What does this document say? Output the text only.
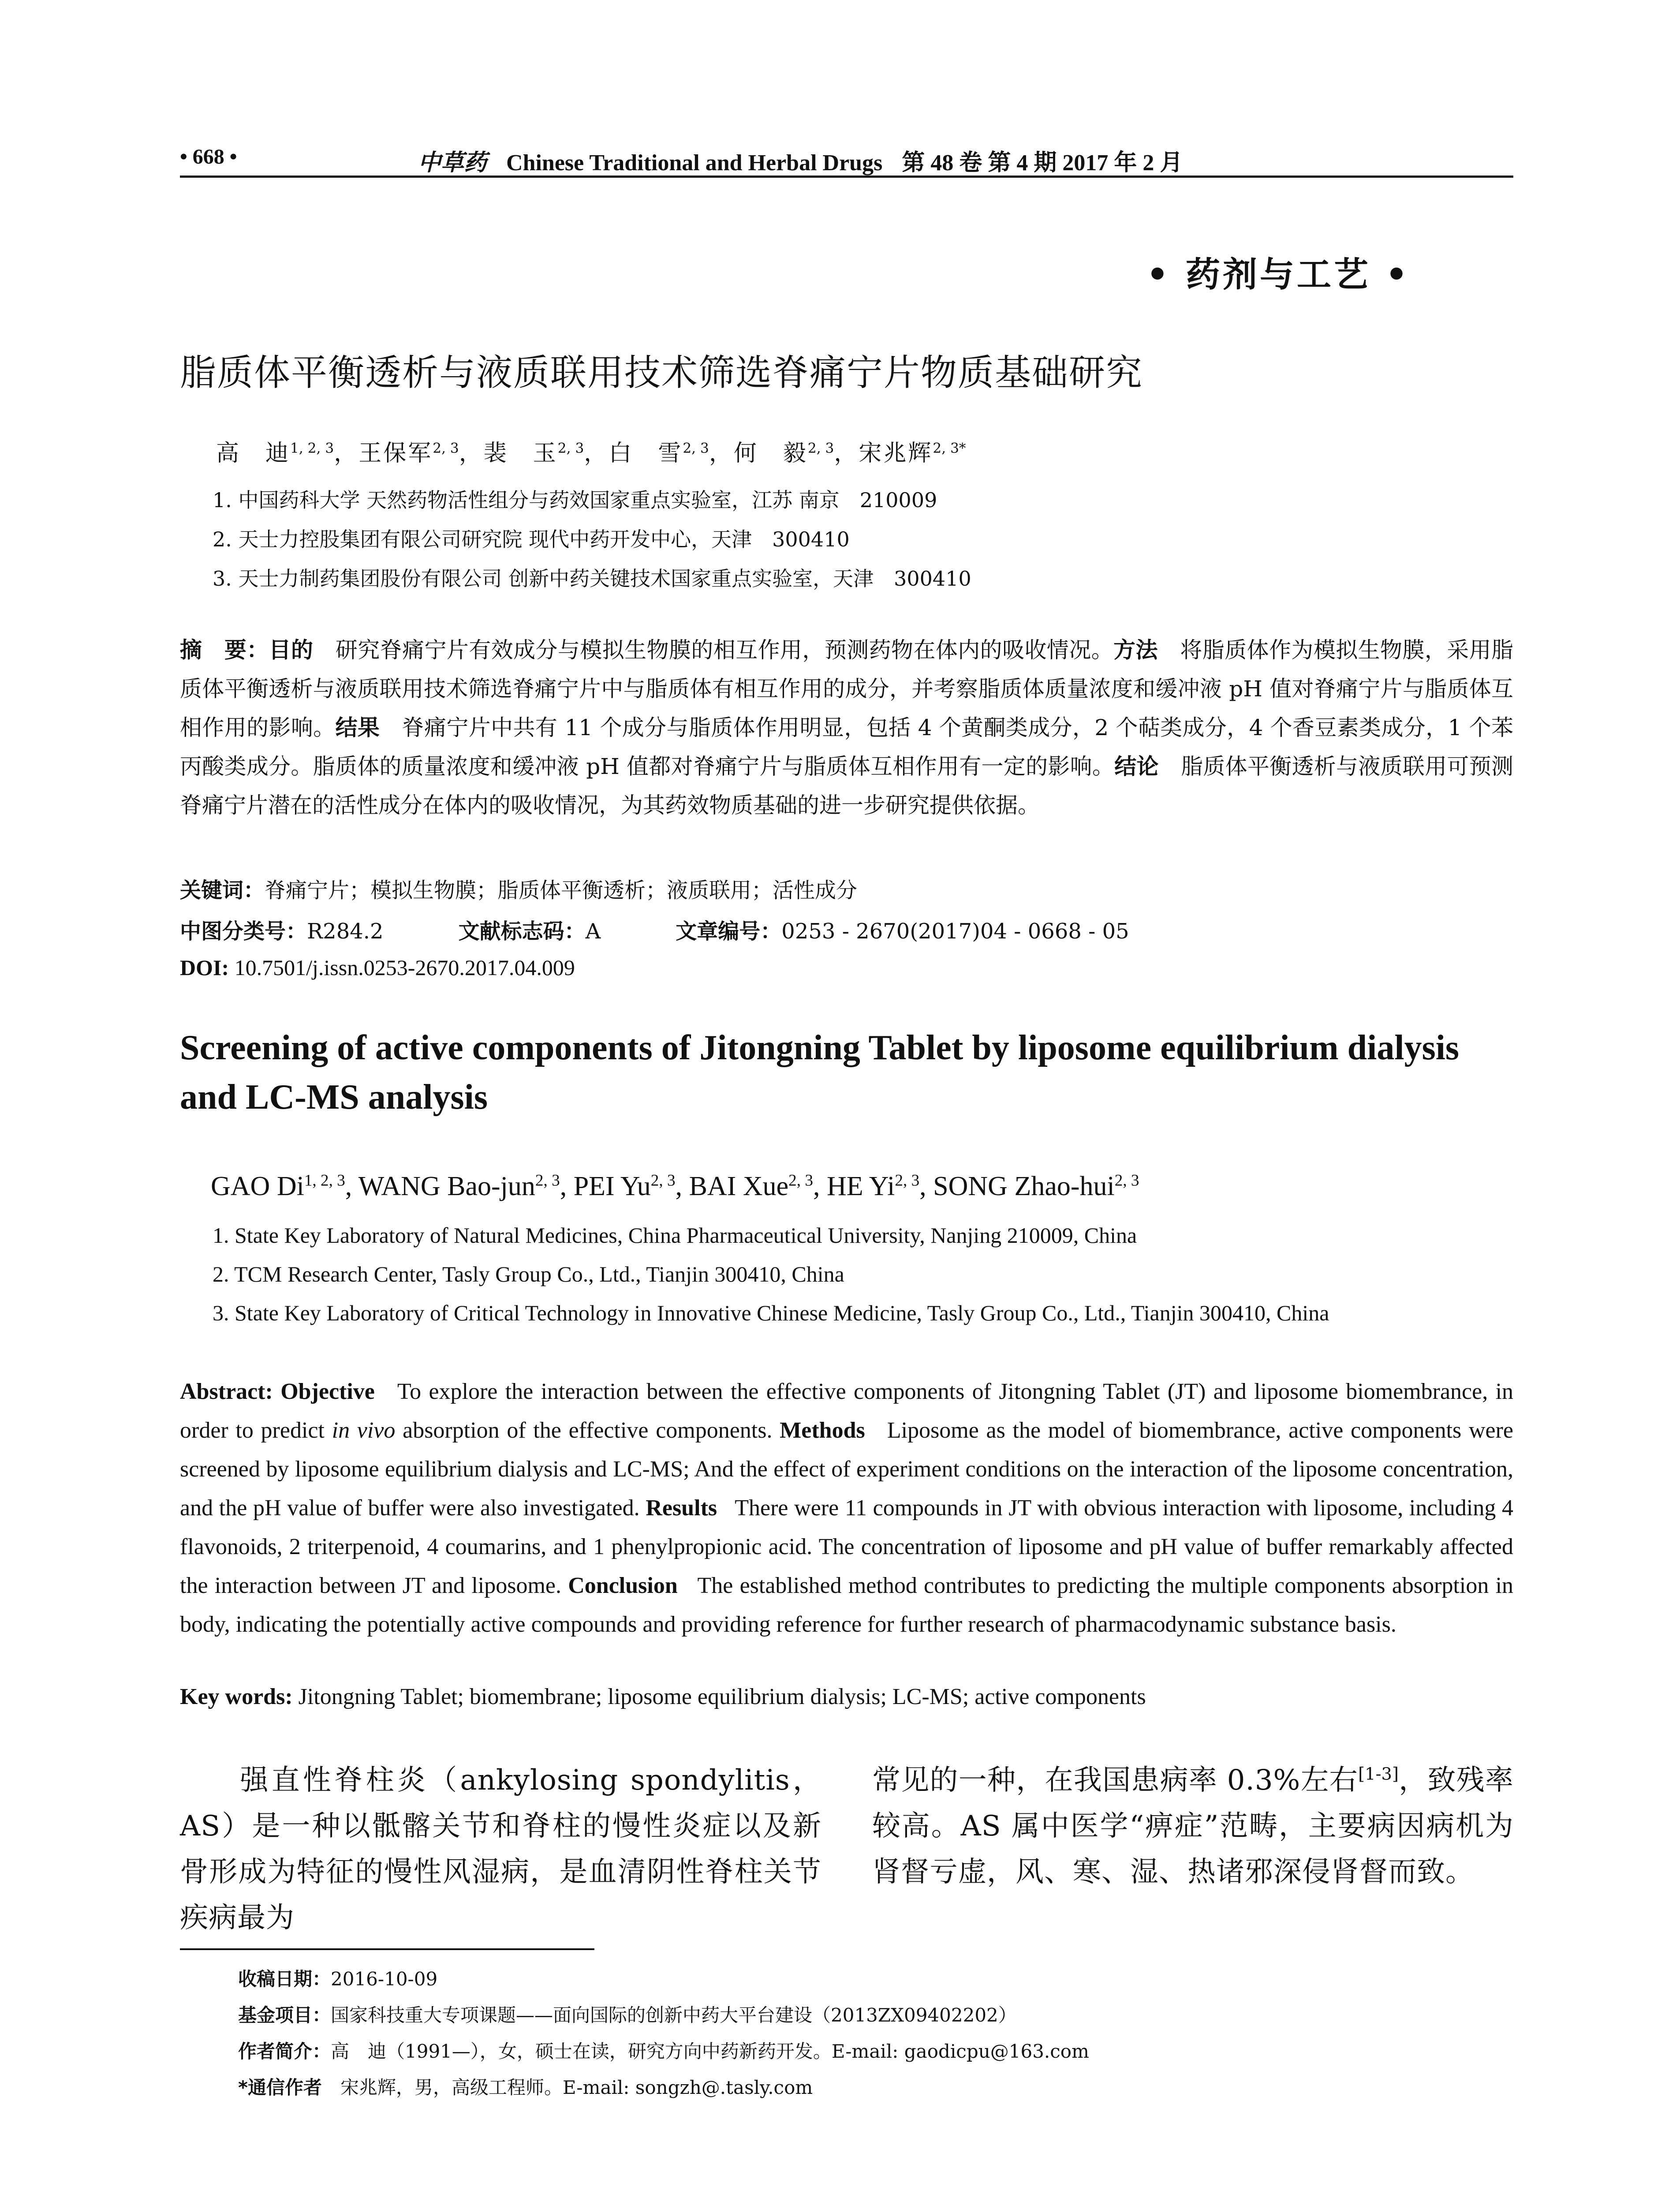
• 668 •	中草药 Chinese Traditional and Herbal Drugs 第 48 卷 第 4 期 2017 年 2 月
• 药剂与工艺 •
脂质体平衡透析与液质联用技术筛选脊痛宁片物质基础研究
高　迪$^{1, 2, 3}$，王保军$^{2, 3}$，裴　玉$^{2, 3}$，白　雪$^{2, 3}$，何　毅$^{2, 3}$，宋兆辉$^{2, 3*}$
1. 中国药科大学 天然药物活性组分与药效国家重点实验室，江苏 南京　210009
2. 天士力控股集团有限公司研究院 现代中药开发中心，天津　300410
3. 天士力制药集团股份有限公司 创新中药关键技术国家重点实验室，天津　300410
摘　要：目的　 研究脊痛宁片有效成分与模拟生物膜的相互作用，预测药物在体内的吸收情况。方法　 将脂质体作为模拟生物膜，采用脂质体平衡透析与液质联用技术筛选脊痛宁片中与脂质体有相互作用的成分，并考察脂质体质量浓度和缓冲液 pH 值对脊痛宁片与脂质体互相作用的影响。结果　 脊痛宁片中共有 11 个成分与脂质体作用明显，包括 4 个黄酮类成分，2 个萜类成分，4 个香豆素类成分，1 个苯丙酸类成分。脂质体的质量浓度和缓冲液 pH 值都对脊痛宁片与脂质体互相作用有一定的影响。结论　 脂质体平衡透析与液质联用可预测脊痛宁片潜在的活性成分在体内的吸收情况，为其药效物质基础的进一步研究提供依据。
关键词：脊痛宁片；模拟生物膜；脂质体平衡透析；液质联用；活性成分
中图分类号：R284.2	文献标志码：A	文章编号：0253 - 2670(2017)04 - 0668 - 05
DOI: 10.7501/j.issn.0253-2670.2017.04.009
Screening of active components of Jitongning Tablet by liposome equilibrium dialysis and LC-MS analysis
GAO Di$^{1, 2, 3}$, WANG Bao-jun$^{2, 3}$, PEI Yu$^{2, 3}$, BAI Xue$^{2, 3}$, HE Yi$^{2, 3}$, SONG Zhao-hui$^{2, 3}$
1. State Key Laboratory of Natural Medicines, China Pharmaceutical University, Nanjing 210009, China
2. TCM Research Center, Tasly Group Co., Ltd., Tianjin 300410, China
3. State Key Laboratory of Critical Technology in Innovative Chinese Medicine, Tasly Group Co., Ltd., Tianjin 300410, China
Abstract: Objective To explore the interaction between the effective components of Jitongning Tablet (JT) and liposome biomembrance, in order to predict in vivo absorption of the effective components. Methods Liposome as the model of biomembrance, active components were screened by liposome equilibrium dialysis and LC-MS; And the effect of experiment conditions on the interaction of the liposome concentration, and the pH value of buffer were also investigated. Results There were 11 compounds in JT with obvious interaction with liposome, including 4 flavonoids, 2 triterpenoid, 4 coumarins, and 1 phenylpropionic acid. The concentration of liposome and pH value of buffer remarkably affected the interaction between JT and liposome. Conclusion The established method contributes to predicting the multiple components absorption in body, indicating the potentially active compounds and providing reference for further research of pharmacodynamic substance basis.
Key words: Jitongning Tablet; biomembrane; liposome equilibrium dialysis; LC-MS; active components
强直性脊柱炎（ankylosing spondylitis，AS）是一种以骶髂关节和脊柱的慢性炎症以及新骨形成为特征的慢性风湿病，是血清阴性脊柱关节疾病最为
常见的一种，在我国患病率 0.3%左右[1-3]，致残率较高。AS 属中医学“痹症”范畴，主要病因病机为肾督亏虚，风、寒、湿、热诸邪深侵肾督而致。
收稿日期：2016-10-09
基金项目：国家科技重大专项课题——面向国际的创新中药大平台建设（2013ZX09402202）
作者简介：高　迪（1991—），女，硕士在读，研究方向中药新药开发。E-mail: gaodicpu@163.com
*通信作者　 宋兆辉，男，高级工程师。E-mail: songzh@.tasly.com
